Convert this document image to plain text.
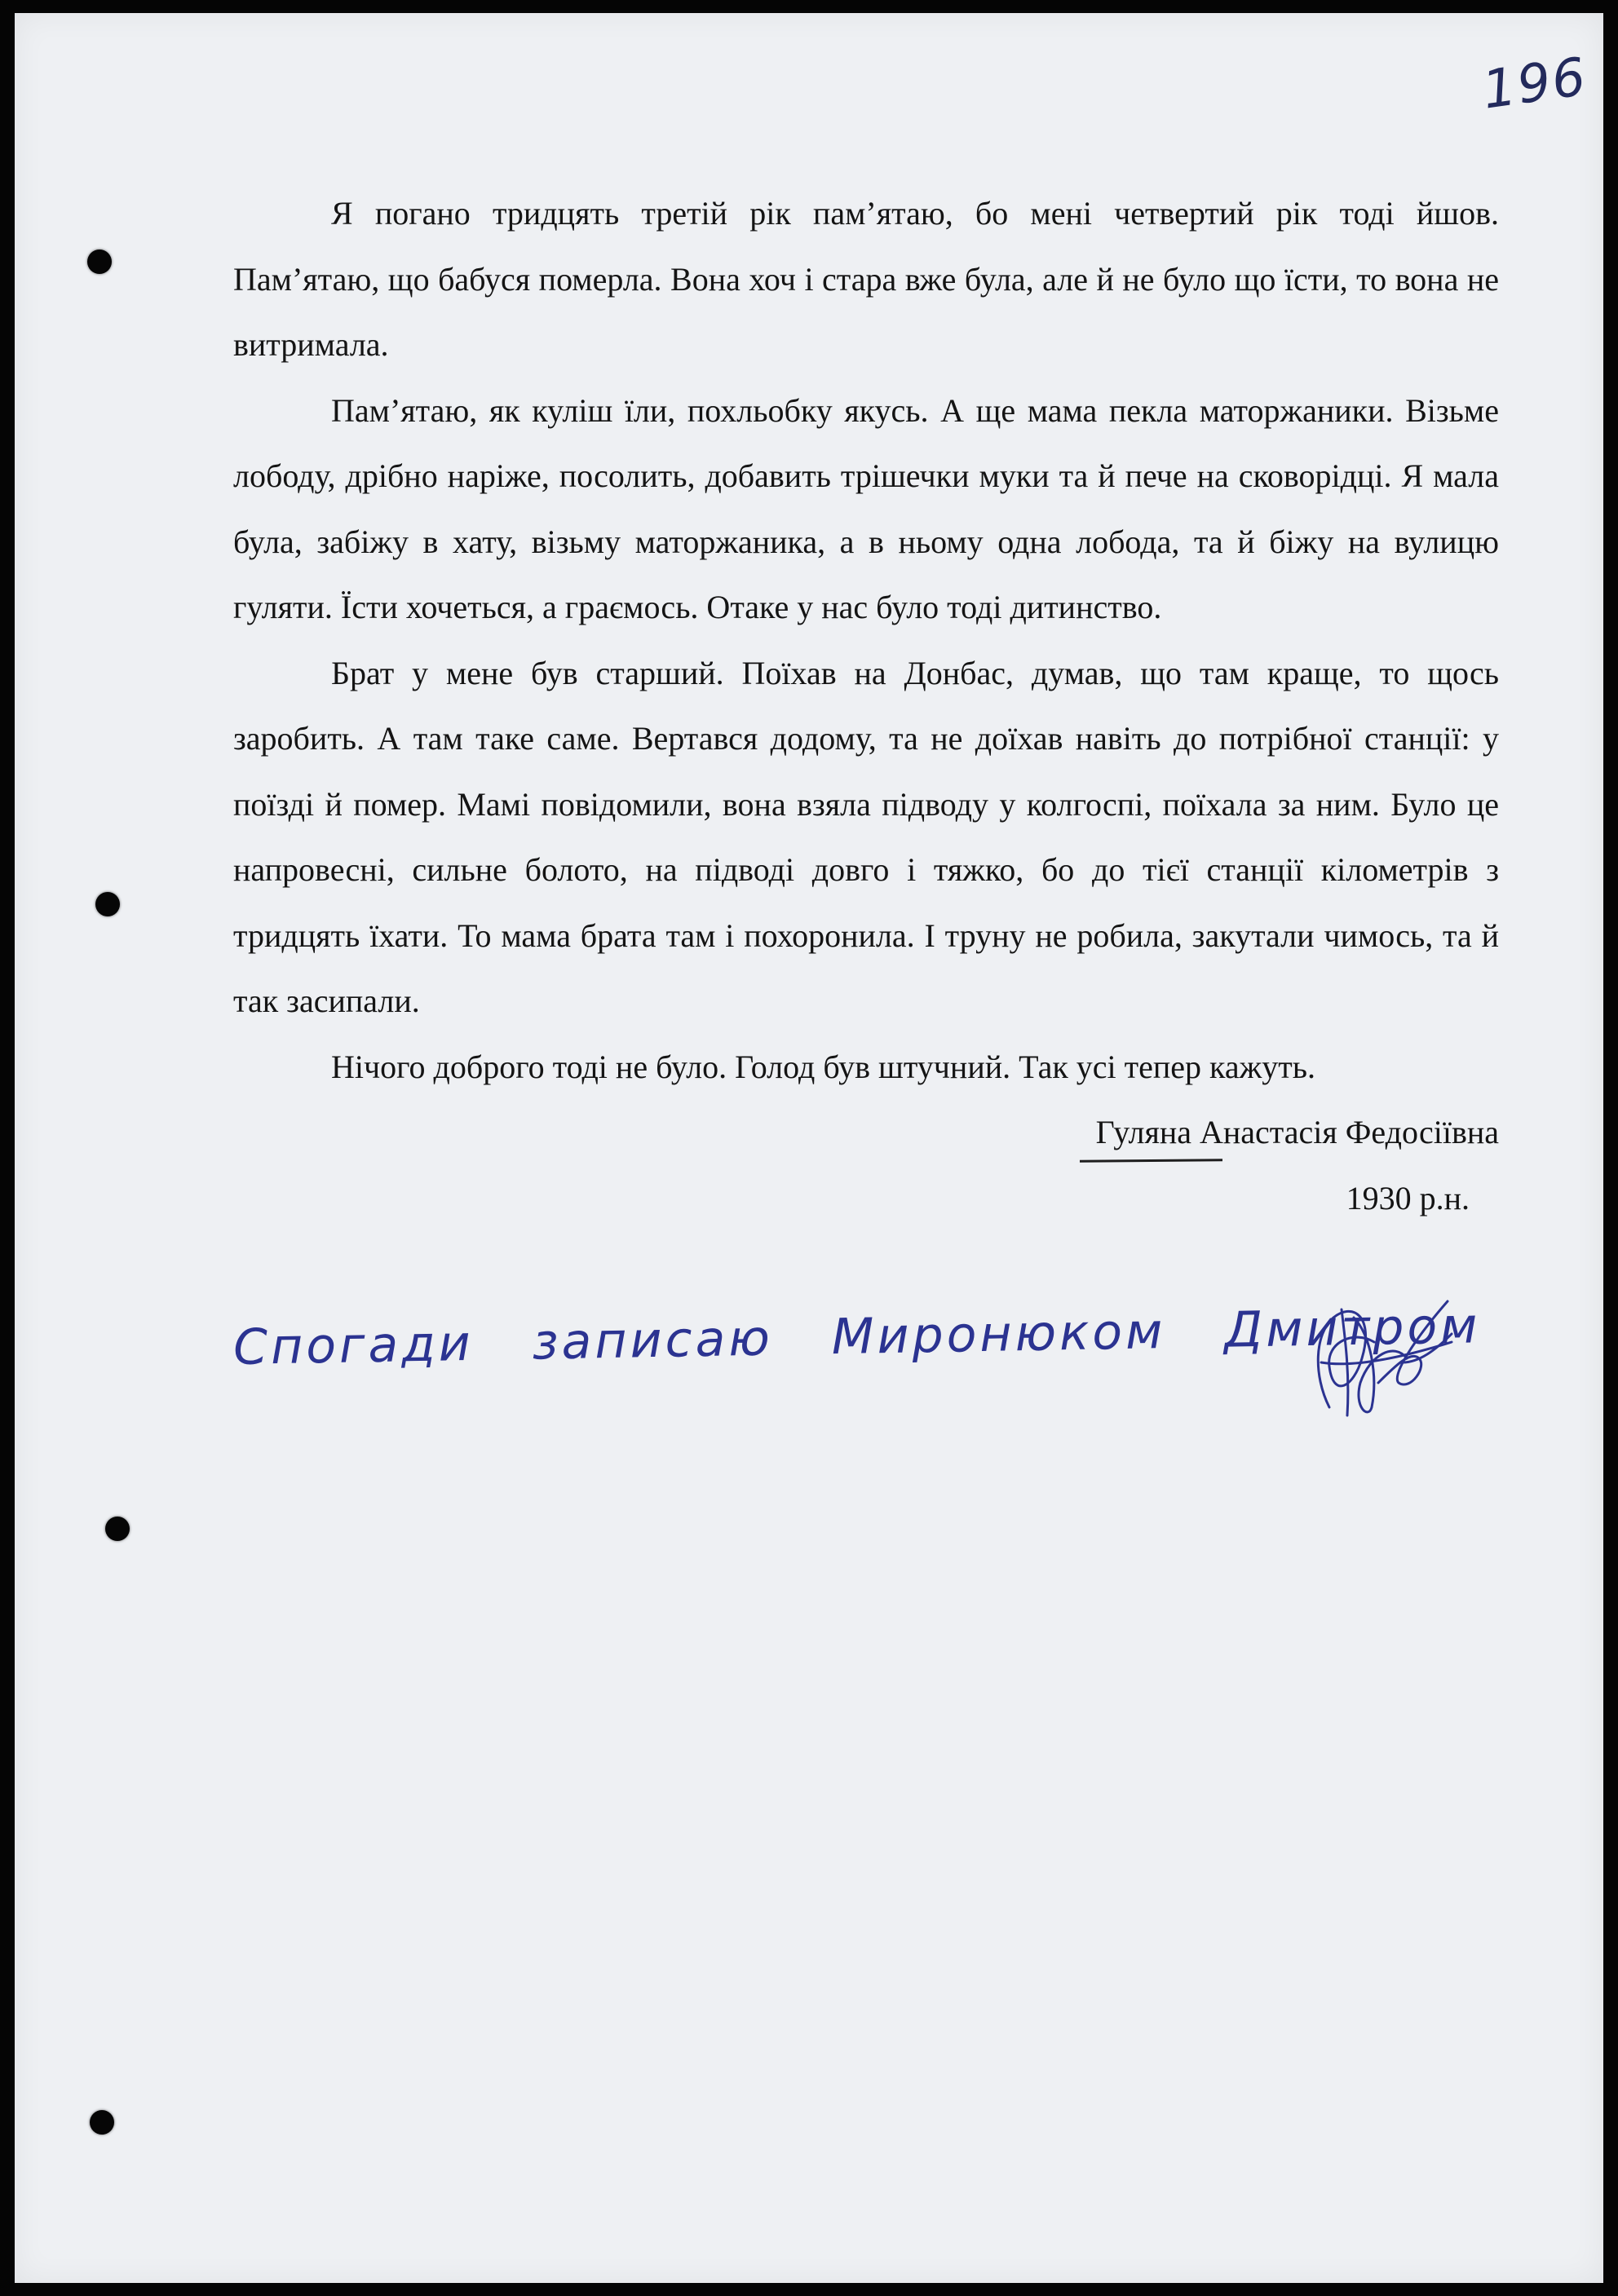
196

Я погано тридцять третій рік пам’ятаю, бо мені четвертий рік тоді йшов. Пам’ятаю, що бабуся померла. Вона хоч і стара вже була, але й не було що їсти, то вона не витримала.

Пам’ятаю, як куліш їли, похльобку якусь. А ще мама пекла маторжаники. Візьме лободу, дрібно наріже, посолить, добавить трішечки муки та й пече на сковорідці. Я мала була, забіжу в хату, візьму маторжаника, а в ньому одна лобода, та й біжу на вулицю гуляти. Їсти хочеться, а граємось. Отаке у нас було тоді дитинство.

Брат у мене був старший. Поїхав на Донбас, думав, що там краще, то щось заробить. А там таке саме. Вертався додому, та не доїхав навіть до потрібної станції: у поїзді й помер. Мамі повідомили, вона взяла підводу у колгоспі, поїхала за ним. Було це напровесні, сильне болото, на підводі довго і тяжко, бо до тієї станції кілометрів з тридцять їхати. То мама брата там і похоронила. І труну не робила, закутали чимось, та й так засипали.

Нічого доброго тоді не було. Голод був штучний. Так усі тепер кажуть.

Гуляна Анастасія Федосіївна

1930 р.н.

Спогади записаю Миронюком Дмитром
